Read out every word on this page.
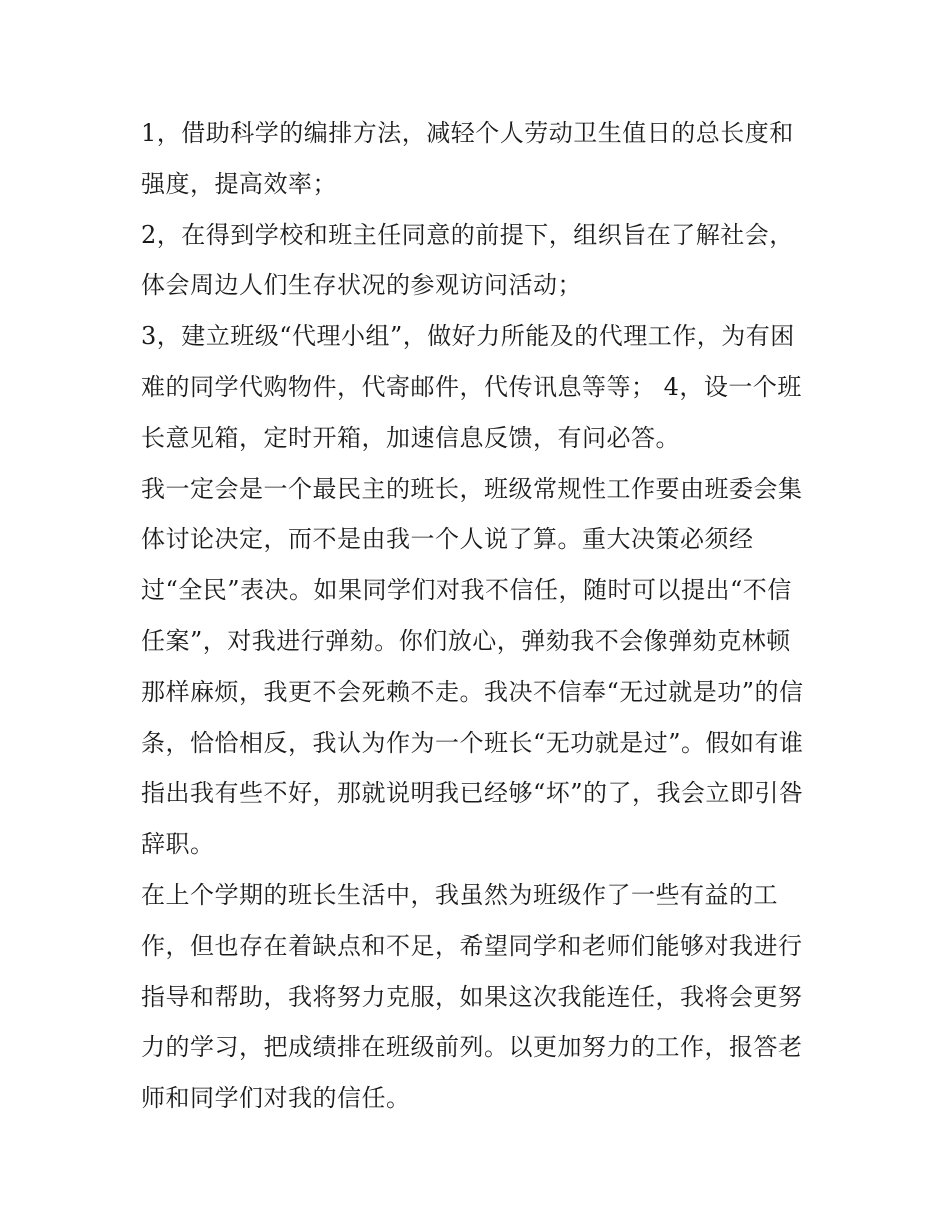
1，借助科学的编排方法，减轻个人劳动卫生值日的总长度和
强度，提高效率；
2，在得到学校和班主任同意的前提下，组织旨在了解社会，
体会周边人们生存状况的参观访问活动；
3，建立班级“代理小组”，做好力所能及的代理工作，为有困
难的同学代购物件，代寄邮件，代传讯息等等； 4，设一个班
长意见箱，定时开箱，加速信息反馈，有问必答。
我一定会是一个最民主的班长，班级常规性工作要由班委会集
体讨论决定，而不是由我一个人说了算。重大决策必须经
过“全民”表决。如果同学们对我不信任，随时可以提出“不信
任案”，对我进行弹劾。你们放心，弹劾我不会像弹劾克林顿
那样麻烦，我更不会死赖不走。我决不信奉“无过就是功”的信
条，恰恰相反，我认为作为一个班长“无功就是过”。假如有谁
指出我有些不好，那就说明我已经够“坏”的了，我会立即引咎
辞职。
在上个学期的班长生活中，我虽然为班级作了一些有益的工
作，但也存在着缺点和不足，希望同学和老师们能够对我进行
指导和帮助，我将努力克服，如果这次我能连任，我将会更努
力的学习，把成绩排在班级前列。以更加努力的工作，报答老
师和同学们对我的信任。
